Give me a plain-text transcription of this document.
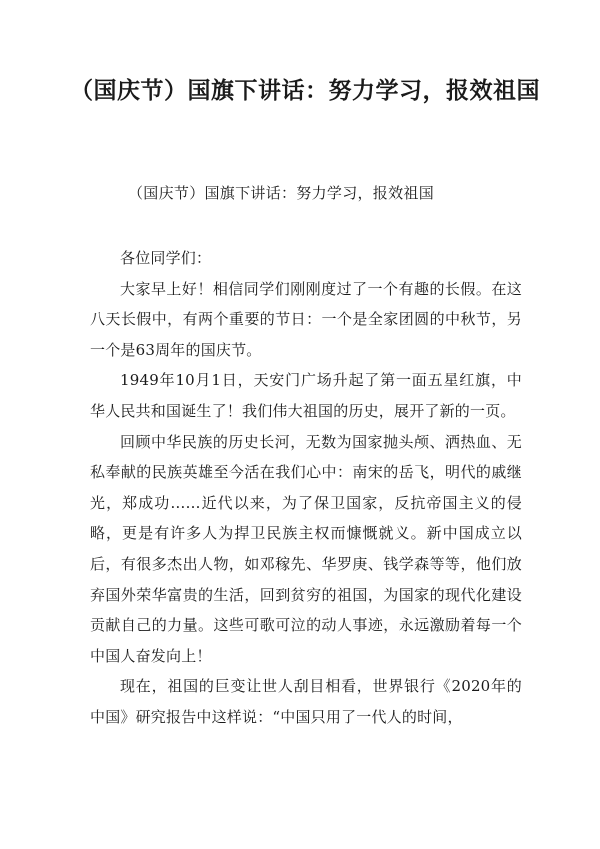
（国庆节）国旗下讲话：努力学习，报效祖国

（国庆节）国旗下讲话：努力学习，报效祖国

各位同学们：

大家早上好！相信同学们刚刚度过了一个有趣的长假。在这八天长假中，有两个重要的节日：一个是全家团圆的中秋节，另一个是63周年的国庆节。

1949年10月1日，天安门广场升起了第一面五星红旗，中华人民共和国诞生了！我们伟大祖国的历史，展开了新的一页。

回顾中华民族的历史长河，无数为国家抛头颅、洒热血、无私奉献的民族英雄至今活在我们心中：南宋的岳飞，明代的戚继光，郑成功……近代以来，为了保卫国家，反抗帝国主义的侵略，更是有许多人为捍卫民族主权而慷慨就义。新中国成立以后，有很多杰出人物，如邓稼先、华罗庚、钱学森等等，他们放弃国外荣华富贵的生活，回到贫穷的祖国，为国家的现代化建设贡献自己的力量。这些可歌可泣的动人事迹，永远激励着每一个中国人奋发向上！

现在，祖国的巨变让世人刮目相看，世界银行《2020年的中国》研究报告中这样说：“中国只用了一代人的时间，
